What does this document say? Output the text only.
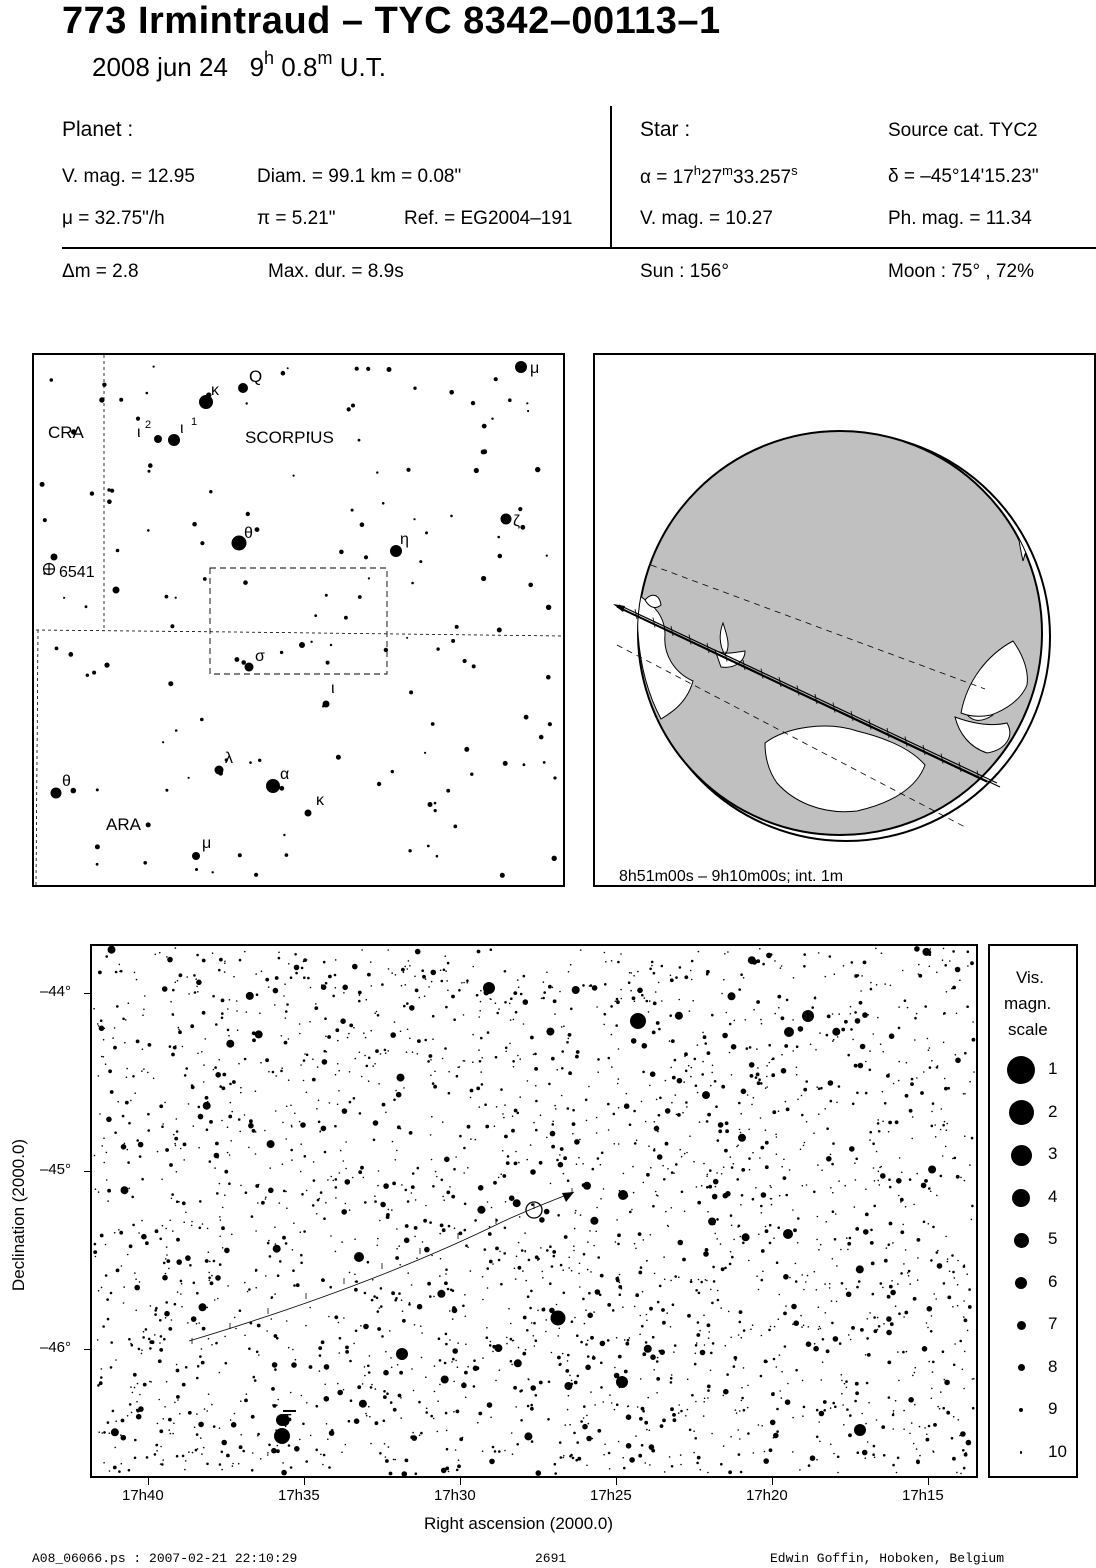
773 Irmintraud – TYC 8342–00113–1
2008 jun 24 9$^h$ 0.8$^m$ U.T.
Planet :
V. mag. = 12.95	Diam. = 99.1 km = 0.08"
μ = 32.75"/h	π = 5.21"	Ref. = EG2004–191
Star :	Source cat. TYC2
$\alpha = 17^h27^m33.257^s$	δ = –45°14'15.23"
V. mag. = 10.27	Ph. mag. = 11.34
Δm = 2.8	Max. dur. = 8.9s	Sun : 156°	Moon : 75° , 72%
CRA	SCORPIUS
ARA
6541
κ
Q
ι 2 ι 1
θ	η
ζ
σ
ι
λ
α
κ
θ
μ
μ
8h51m00s – 9h10m00s; int. 1m
σ
–44°
–45°
–46°
17h40	17h35	17h30	17h25	17h20	17h15
Declination (2000.0)
Right ascension (2000.0)
Vis.
magn.
scale
1
2
3
4
5
6
7
8
9
10
A08_06066.ps : 2007-02-21 22:10:29	2691	Edwin Goffin, Hoboken, Belgium
